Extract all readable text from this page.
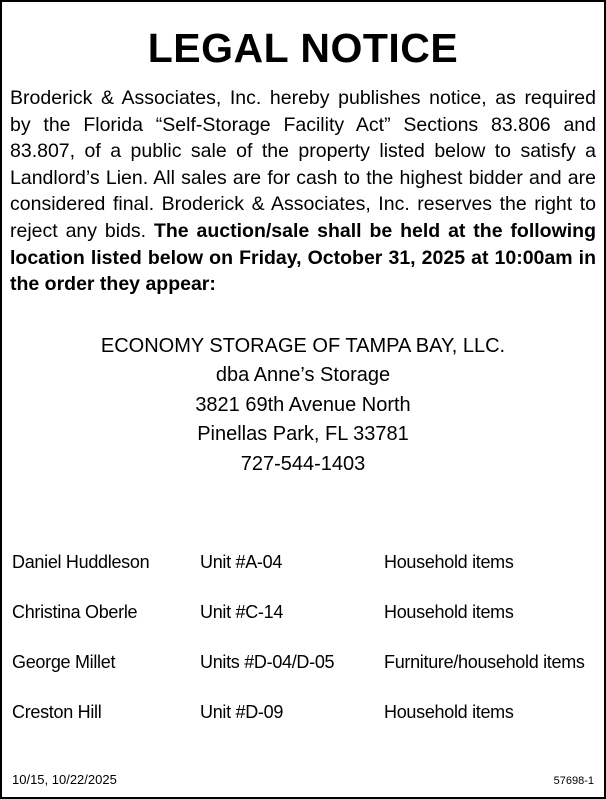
LEGAL NOTICE

Broderick & Associates, Inc. hereby publishes notice, as required by the Florida “Self-Storage Facility Act” Sections 83.806 and 83.807, of a public sale of the property listed below to satisfy a Landlord’s Lien. All sales are for cash to the highest bidder and are considered final. Broderick & Associates, Inc. reserves the right to reject any bids. The auction/sale shall be held at the following location listed below on Friday, October 31, 2025 at 10:00am in the order they appear:

ECONOMY STORAGE OF TAMPA BAY, LLC.
dba Anne’s Storage
3821 69th Avenue North
Pinellas Park, FL 33781
727-544-1403
Daniel Huddleson	Unit #A-04	Household items
Christina Oberle	Unit #C-14	Household items
George Millet	Units #D-04/D-05	Furniture/household items
Creston Hill	Unit #D-09	Household items
10/15, 10/22/2025	57698-1
